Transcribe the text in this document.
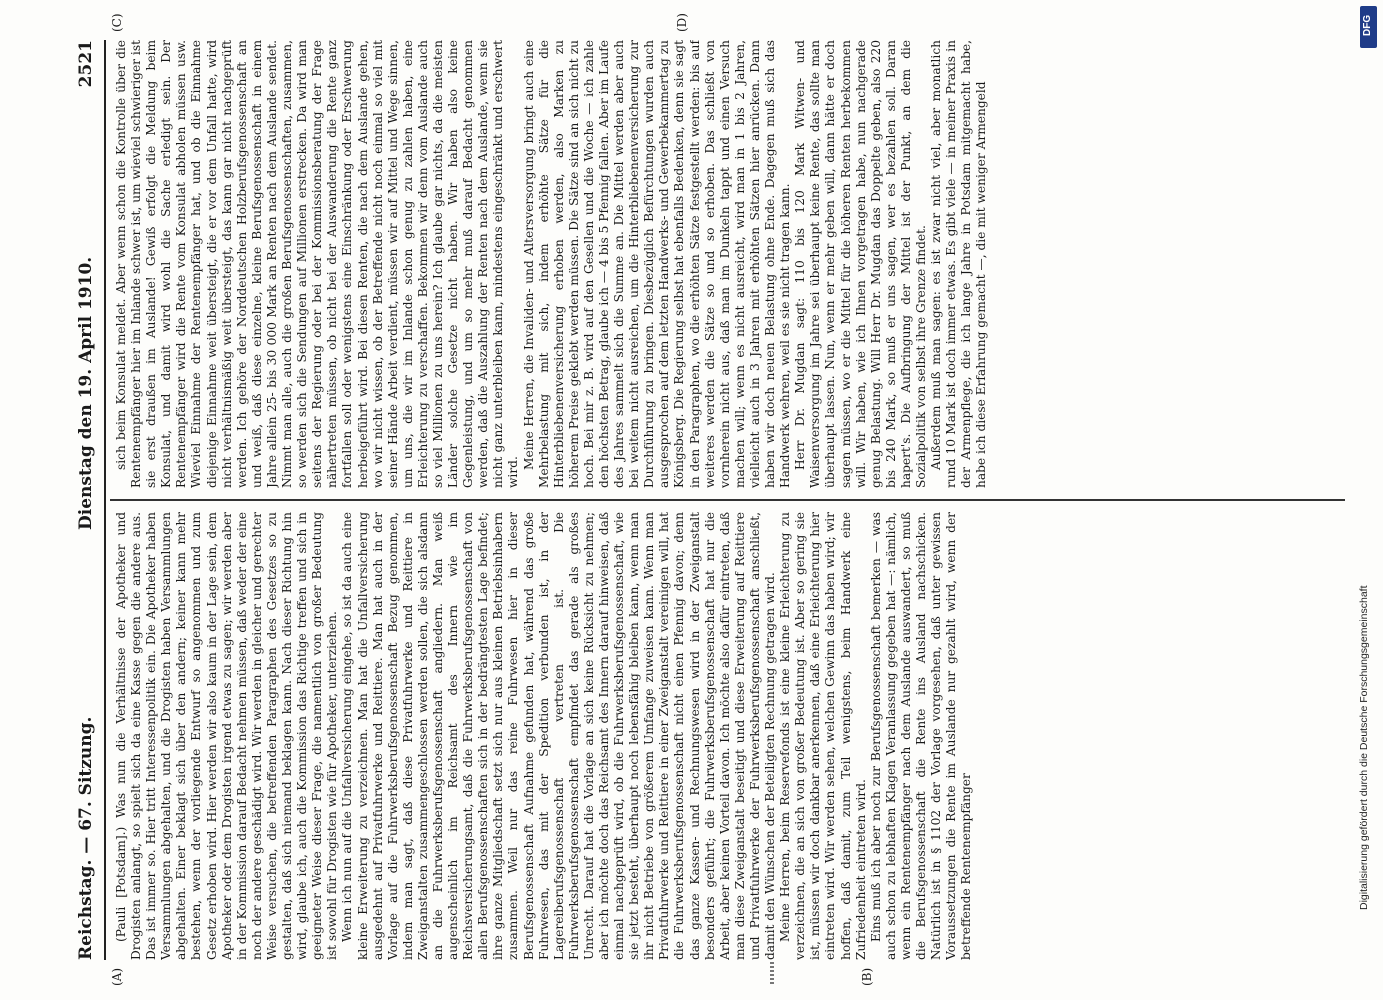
Reichstag. — 67. Sitzung.
Dienstag den 19. April 1910.
2521
(A)	(B)
(C)	(D)

(Pauli [Potsdam].) Was nun die Verhältnisse der Apotheker und Drogisten anlangt, so spielt sich da eine Kasse gegen die andere aus. Das ist immer so. Hier tritt Interessenpolitik ein. Die Apotheker haben Versammlungen abgehalten, und die Drogisten haben Versammlungen abgehalten. Einer beklagt sich über den andern; keiner kann mehr bestehen, wenn der vorliegende Entwurf so angenommen und zum Gesetz erhoben wird. Hier werden wir also kaum in der Lage sein, dem Apotheker oder dem Drogisten irgend etwas zu sagen; wir werden aber in der Kommission darauf Bedacht nehmen müssen, daß weder der eine noch der andere geschädigt wird. Wir werden in gleicher und gerechter Weise versuchen, die betreffenden Paragraphen des Gesetzes so zu gestalten, daß sich niemand beklagen kann. Nach dieser Richtung hin wird, glaube ich, auch die Kommission das Richtige treffen und sich in geeigneter Weise dieser Frage, die namentlich von großer Bedeutung ist sowohl für Drogisten wie für Apotheker, unterziehen. Wenn ich nun auf die Unfallversicherung eingehe, so ist da auch eine kleine Erweiterung zu verzeichnen. Man hat die Unfallversicherung ausgedehnt auf Privatfuhrwerke und Reittiere. Man hat auch in der Vorlage auf die Fuhrwerksberufsgenossenschaft Bezug genommen, indem man sagt, daß diese Privatfuhrwerke und Reittiere in Zweiganstalten zusammengeschlossen werden sollen, die sich alsdann an die Fuhrwerksberufsgenossenschaft angliedern. Man weiß augenscheinlich im Reichsamt des Innern wie im Reichsversicherungsamt, daß die Fuhrwerksberufsgenossenschaft von allen Berufsgenossenschaften sich in der bedrängtesten Lage befindet; ihre ganze Mitgliedschaft setzt sich nur aus kleinen Betriebsinhabern zusammen. Weil nur das reine Fuhrwesen hier in dieser Berufsgenossenschaft Aufnahme gefunden hat, während das große Fuhrwesen, das mit der Spedition verbunden ist, in der Lagereiberufsgenossenschaft vertreten ist. Die Fuhrwerksberufsgenossenschaft empfindet das gerade als großes Unrecht. Darauf hat die Vorlage an sich keine Rücksicht zu nehmen; aber ich möchte doch das Reichsamt des Innern darauf hinweisen, daß einmal nachgeprüft wird, ob die Fuhrwerksberufsgenossenschaft, wie sie jetzt besteht, überhaupt noch lebensfähig bleiben kann, wenn man ihr nicht Betriebe von größerem Umfange zuweisen kann. Wenn man Privatfuhrwerke und Reittiere in einer Zweiganstalt vereinigen will, hat die Fuhrwerksberufsgenossenschaft nicht einen Pfennig davon; denn das ganze Kassen- und Rechnungswesen wird in der Zweiganstalt besonders geführt; die Fuhrwerksberufsgenossenschaft hat nur die Arbeit, aber keinen Vorteil davon. Ich möchte also dafür eintreten, daß man diese Zweiganstalt beseitigt und diese Erweiterung auf Reittiere und Privatfuhrwerke der Fuhrwerksberufsgenossenschaft anschließt, damit den Wünschen der Beteiligten Rechnung getragen wird. Meine Herren, beim Reservefonds ist eine kleine Erleichterung zu verzeichnen, die an sich von großer Bedeutung ist. Aber so gering sie ist, müssen wir doch dankbar anerkennen, daß eine Erleichterung hier eintreten wird. Wir werden sehen, welchen Gewinn das haben wird; wir hoffen, daß damit, zum Teil wenigstens, beim Handwerk eine Zufriedenheit eintreten wird. Eins muß ich aber noch zur Berufsgenossenschaft bemerken — was auch schon zu lebhaften Klagen Veranlassung gegeben hat —: nämlich, wenn ein Rentenempfänger nach dem Auslande auswandert, so muß die Berufsgenossenschaft die Rente ins Ausland nachschicken. Natürlich ist in § 1102 der Vorlage vorgesehen, daß unter gewissen Voraussetzungen die Rente im Auslande nur gezahlt wird, wenn der betreffende Rentenempfänger

sich beim Konsulat meldet. Aber wenn schon die Kontrolle über die Rentenempfänger hier im Inlande schwer ist, um wieviel schwieriger ist sie erst draußen im Auslande! Gewiß erfolgt die Meldung beim Konsulat, und damit wird wohl die Sache erledigt sein. Der Rentenempfänger wird die Rente vom Konsulat abholen müssen usw. Wieviel Einnahme der Rentenempfänger hat, und ob die Einnahme diejenige Einnahme weit übersteigt, die er vor dem Unfall hatte, wird nicht verhältnismäßig weit übersteigt, das kann gar nicht nachgeprüft werden. Ich gehöre der Norddeutschen Holzberufsgenossenschaft an und weiß, daß diese einzelne, kleine Berufsgenossenschaft in einem Jahre allein 25- bis 30 000 Mark an Renten nach dem Auslande sendet. Nimmt man alle, auch die großen Berufsgenossenschaften, zusammen, so werden sich die Sendungen auf Millionen erstrecken. Da wird man seitens der Regierung oder bei der Kommissionsberatung der Frage nähertreten müssen, ob nicht bei der Auswanderung die Rente ganz fortfallen soll oder wenigstens eine Einschränkung oder Erschwerung herbeigeführt wird. Bei diesen Renten, die nach dem Auslande gehen, wo wir nicht wissen, ob der Betreffende nicht noch einmal so viel mit seiner Hände Arbeit verdient, müssen wir auf Mittel und Wege sinnen, um uns, die wir im Inlande schon genug zu zahlen haben, eine Erleichterung zu verschaffen. Bekommen wir denn vom Auslande auch so viel Millionen zu uns herein? Ich glaube gar nichts, da die meisten Länder solche Gesetze nicht haben. Wir haben also keine Gegenleistung, und um so mehr muß darauf Bedacht genommen werden, daß die Auszahlung der Renten nach dem Auslande, wenn sie nicht ganz unterbleiben kann, mindestens eingeschränkt und erschwert wird.

Meine Herren, die Invaliden- und Altersversorgung bringt auch eine Mehrbelastung mit sich, indem erhöhte Sätze für die Hinterbliebenenversicherung erhoben werden, also Marken zu höherem Preise geklebt werden müssen. Die Sätze sind an sich nicht zu hoch. Bei mir z. B. wird auf den Gesellen und die Woche — ich zahle den höchsten Betrag, glaube ich — 4 bis 5 Pfennig fallen. Aber im Laufe des Jahres sammelt sich die Summe an. Die Mittel werden aber auch bei weitem nicht ausreichen, um die Hinterbliebenenversicherung zur Durchführung zu bringen. Diesbezüglich Befürchtungen wurden auch ausgesprochen auf dem letzten Handwerks- und Gewerbekammertag zu Königsberg. Die Regierung selbst hat ebenfalls Bedenken, denn sie sagt in den Paragraphen, wo die erhöhten Sätze festgestellt werden: bis auf weiteres werden die Sätze so und so erhoben. Das schließt von vornherein nicht aus, daß man im Dunkeln tappt und einen Versuch machen will; wenn es nicht ausreicht, wird man in 1 bis 2 Jahren, vielleicht auch in 3 Jahren mit erhöhten Sätzen hier anrücken. Dann haben wir doch neuen Belastung ohne Ende. Dagegen muß sich das Handwerk wehren, weil es sie nicht tragen kann. Herr Dr. Mugdan sagt: 110 bis 120 Mark Witwen- und Waisenversorgung im Jahre sei überhaupt keine Rente, das sollte man überhaupt lassen. Nun, wenn er mehr geben will, dann hätte er doch sagen müssen, wo er die Mittel für die höheren Renten herbekommen will. Wir haben, wie ich Ihnen vorgetragen habe, nun nachgerade genug Belastung. Will Herr Dr. Mugdan das Doppelte geben, also 220 bis 240 Mark, so muß er uns sagen, wer es bezahlen soll. Daran hapert's. Die Aufbringung der Mittel ist der Punkt, an dem die Sozialpolitik von selbst ihre Grenze findet. Außerdem muß man sagen: es ist zwar nicht viel, aber monatlich rund 10 Mark ist doch immer etwas. Es gibt viele — in meiner Praxis in der Armenpflege, die ich lange Jahre in Potsdam mitgemacht habe, habe ich diese Erfahrung gemacht —, die mit weniger Armengeld

DFG
Digitalisierung gefördert durch die Deutsche Forschungsgemeinschaft
